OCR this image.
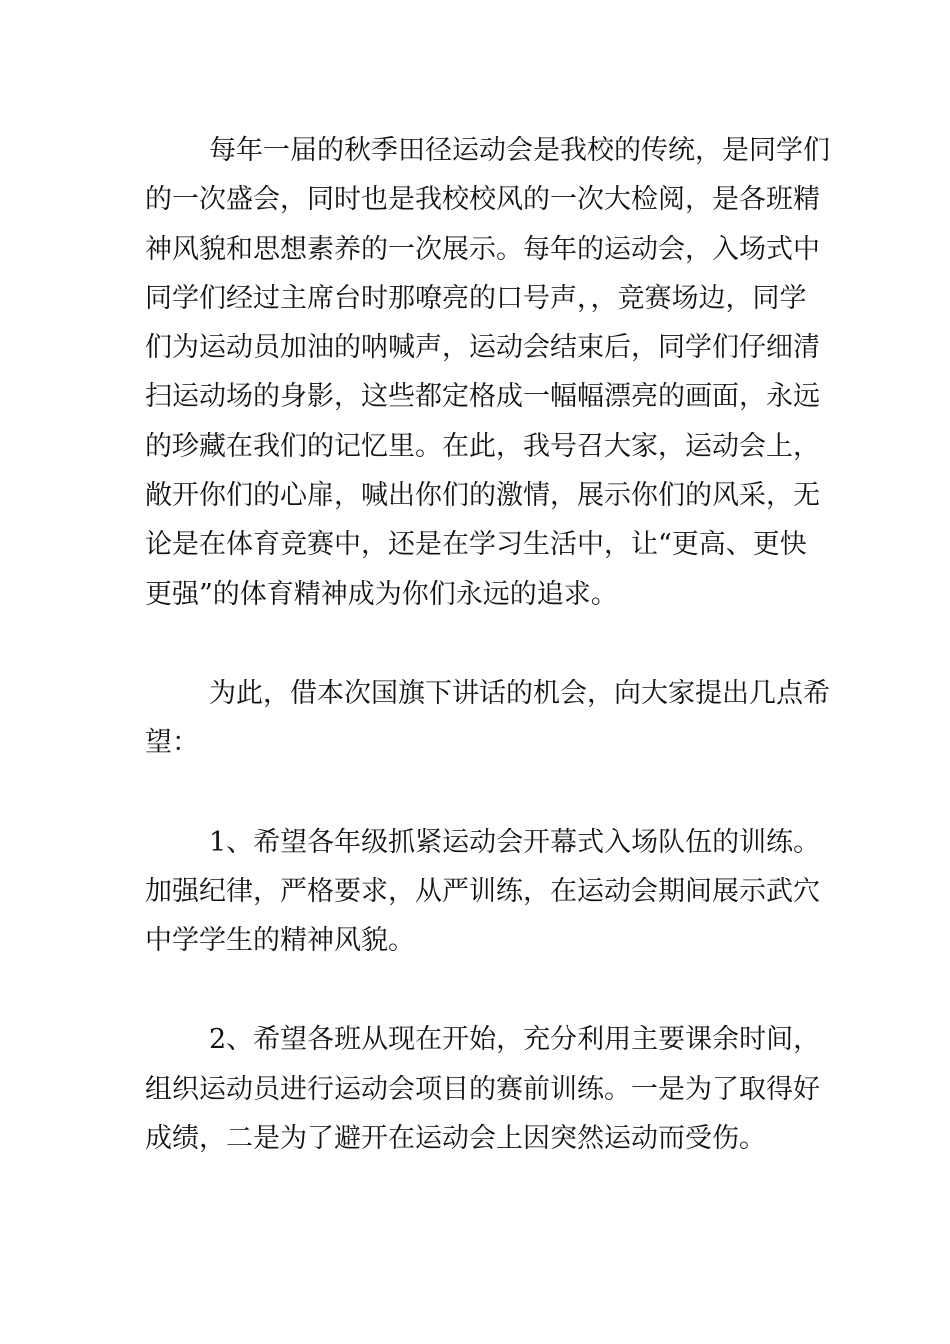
每年一届的秋季田径运动会是我校的传统，是同学们
的一次盛会，同时也是我校校风的一次大检阅，是各班精
神风貌和思想素养的一次展示。每年的运动会，入场式中
同学们经过主席台时那嘹亮的口号声，，竞赛场边，同学
们为运动员加油的呐喊声，运动会结束后，同学们仔细清
扫运动场的身影，这些都定格成一幅幅漂亮的画面，永远
的珍藏在我们的记忆里。在此，我号召大家，运动会上，
敞开你们的心扉，喊出你们的激情，展示你们的风采，无
论是在体育竞赛中，还是在学习生活中，让“更高、更快
更强”的体育精神成为你们永远的追求。
为此，借本次国旗下讲话的机会，向大家提出几点希
望：
1、希望各年级抓紧运动会开幕式入场队伍的训练。
加强纪律，严格要求，从严训练，在运动会期间展示武穴
中学学生的精神风貌。
2、希望各班从现在开始，充分利用主要课余时间，
组织运动员进行运动会项目的赛前训练。一是为了取得好
成绩，二是为了避开在运动会上因突然运动而受伤。
